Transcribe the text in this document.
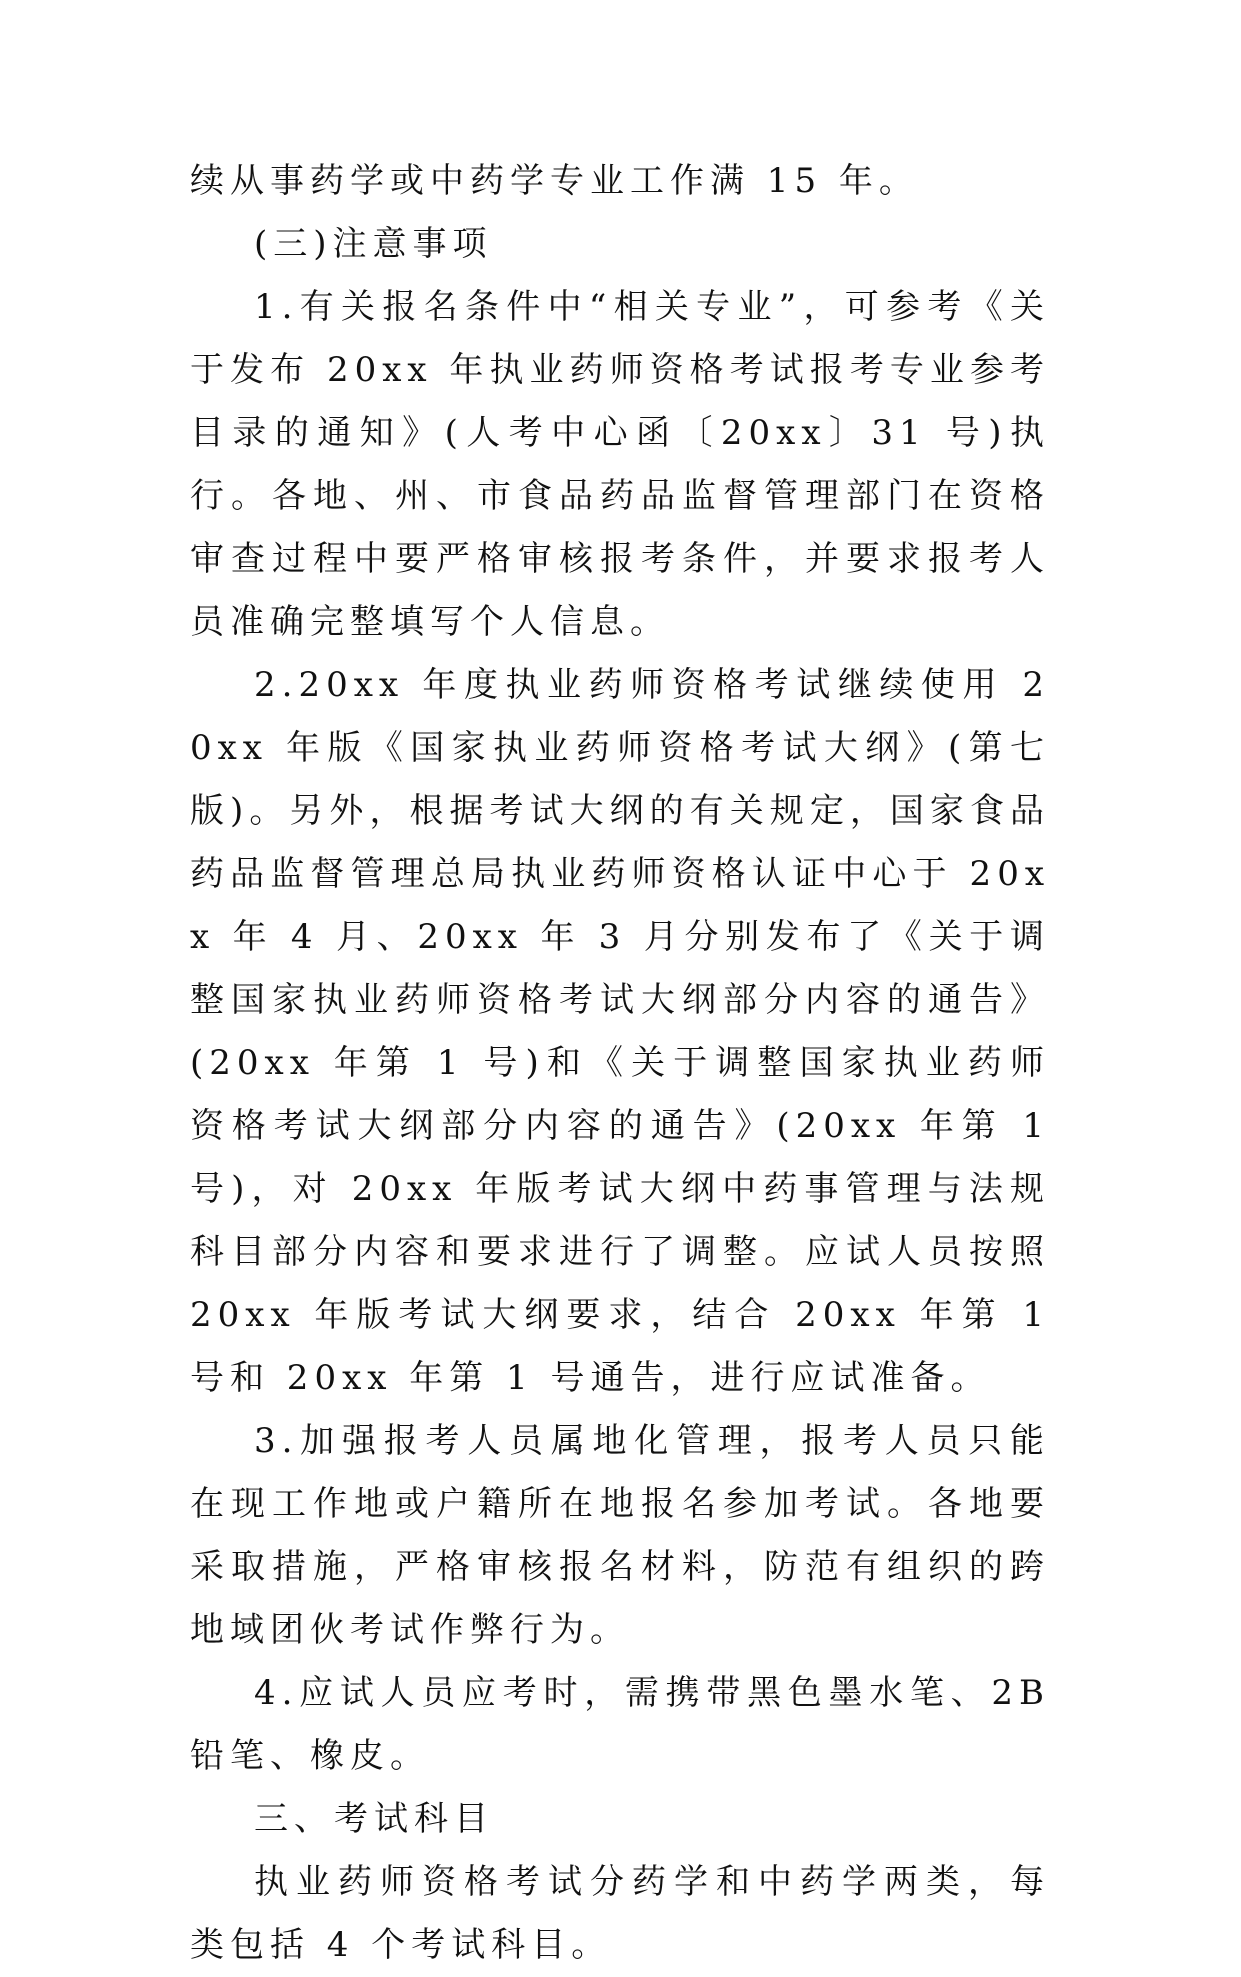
续从事药学或中药学专业工作满 15 年。

(三)注意事项

1.有关报名条件中“相关专业”，可参考《关于发布 20xx 年执业药师资格考试报考专业参考目录的通知》(人考中心函〔20xx〕31 号)执行。各地、州、市食品药品监督管理部门在资格审查过程中要严格审核报考条件，并要求报考人员准确完整填写个人信息。

2.20xx 年度执业药师资格考试继续使用 20xx 年版《国家执业药师资格考试大纲》(第七版)。另外，根据考试大纲的有关规定，国家食品药品监督管理总局执业药师资格认证中心于 20xx 年 4 月、20xx 年 3 月分别发布了《关于调整国家执业药师资格考试大纲部分内容的通告》(20xx 年第 1 号)和《关于调整国家执业药师资格考试大纲部分内容的通告》(20xx 年第 1 号)，对 20xx 年版考试大纲中药事管理与法规科目部分内容和要求进行了调整。应试人员按照 20xx 年版考试大纲要求，结合 20xx 年第 1 号和 20xx 年第 1 号通告，进行应试准备。

3.加强报考人员属地化管理，报考人员只能在现工作地或户籍所在地报名参加考试。各地要采取措施，严格审核报名材料，防范有组织的跨地域团伙考试作弊行为。

4.应试人员应考时，需携带黑色墨水笔、2B 铅笔、橡皮。

三、考试科目

执业药师资格考试分药学和中药学两类，每类包括 4 个考试科目。
